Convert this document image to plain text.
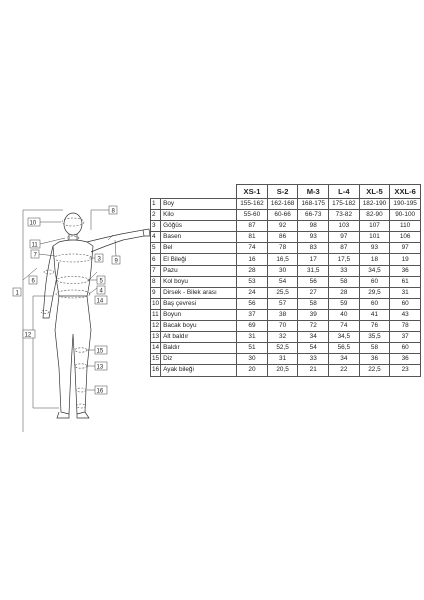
10
8
11
7
9
3
6	5
4
14
1
12
15
13
16
		XS-1	S-2	M-3	L-4	XL-5	XXL-6
1	Boy	155-162	162-168	168-175	175-182	182-190	190-195
2	Kilo	55-60	60-66	66-73	73-82	82-90	90-100
3	Göğüs	87	92	98	103	107	110
4	Basen	81	86	93	97	101	106
5	Bel	74	78	83	87	93	97
6	El Bileği	16	16,5	17	17,5	18	19
7	Pazu	28	30	31,5	33	34,5	36
8	Kol boyu	53	54	56	58	60	61
9	Dirsek - Bilek arası	24	25,5	27	28	29,5	31
10	Baş çevresi	56	57	58	59	60	60
11	Boyun	37	38	39	40	41	43
12	Bacak boyu	69	70	72	74	76	78
13	Alt baldır	31	32	34	34,5	35,5	37
14	Baldır	51	52,5	54	56,5	58	60
15	Diz	30	31	33	34	36	36
16	Ayak bileği	20	20,5	21	22	22,5	23
